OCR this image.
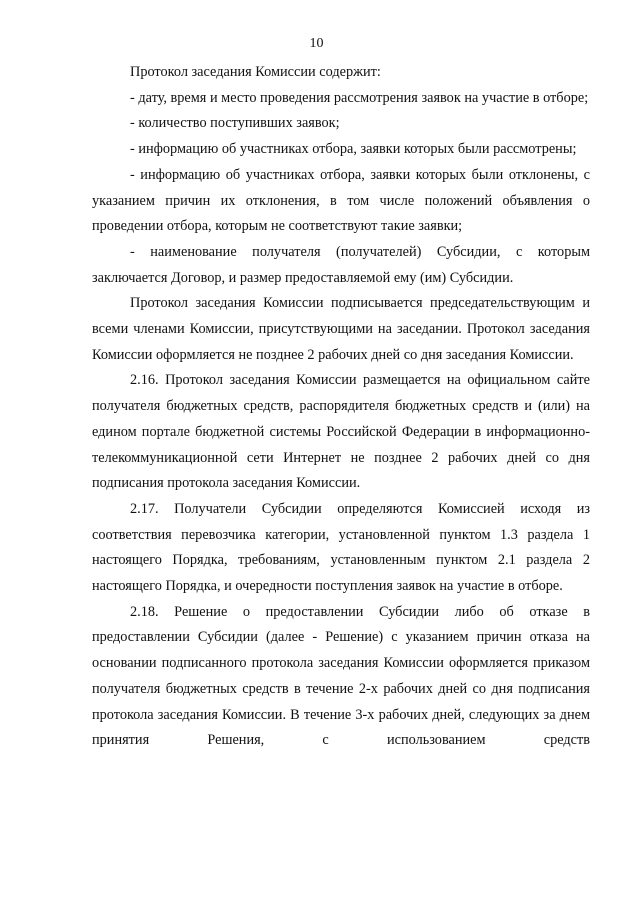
10

Протокол заседания Комиссии содержит:

- дату, время и место проведения рассмотрения заявок на участие в отборе;

- количество поступивших заявок;

- информацию об участниках отбора, заявки которых были рассмотрены;

- информацию об участниках отбора, заявки которых были отклонены, с указанием причин их отклонения, в том числе положений объявления о проведении отбора, которым не соответствуют такие заявки;

- наименование получателя (получателей) Субсидии, с которым заключается Договор, и размер предоставляемой ему (им) Субсидии.

Протокол заседания Комиссии подписывается председательствующим и всеми членами Комиссии, присутствующими на заседании. Протокол заседания Комиссии оформляется не позднее 2 рабочих дней со дня заседания Комиссии.

2.16. Протокол заседания Комиссии размещается на официальном сайте получателя бюджетных средств, распорядителя бюджетных средств и (или) на едином портале бюджетной системы Российской Федерации в информационно-телекоммуникационной сети Интернет не позднее 2 рабочих дней со дня подписания протокола заседания Комиссии.

2.17. Получатели Субсидии определяются Комиссией исходя из соответствия перевозчика категории, установленной пунктом 1.3 раздела 1 настоящего Порядка, требованиям, установленным пунктом 2.1 раздела 2 настоящего Порядка, и очередности поступления заявок на участие в отборе.

2.18. Решение о предоставлении Субсидии либо об отказе в предоставлении Субсидии (далее - Решение) с указанием причин отказа на основании подписанного протокола заседания Комиссии оформляется приказом получателя бюджетных средств в течение 2-х рабочих дней со дня подписания протокола заседания Комиссии. В течение 3-х рабочих дней, следующих за днем принятия Решения, с использованием средств
